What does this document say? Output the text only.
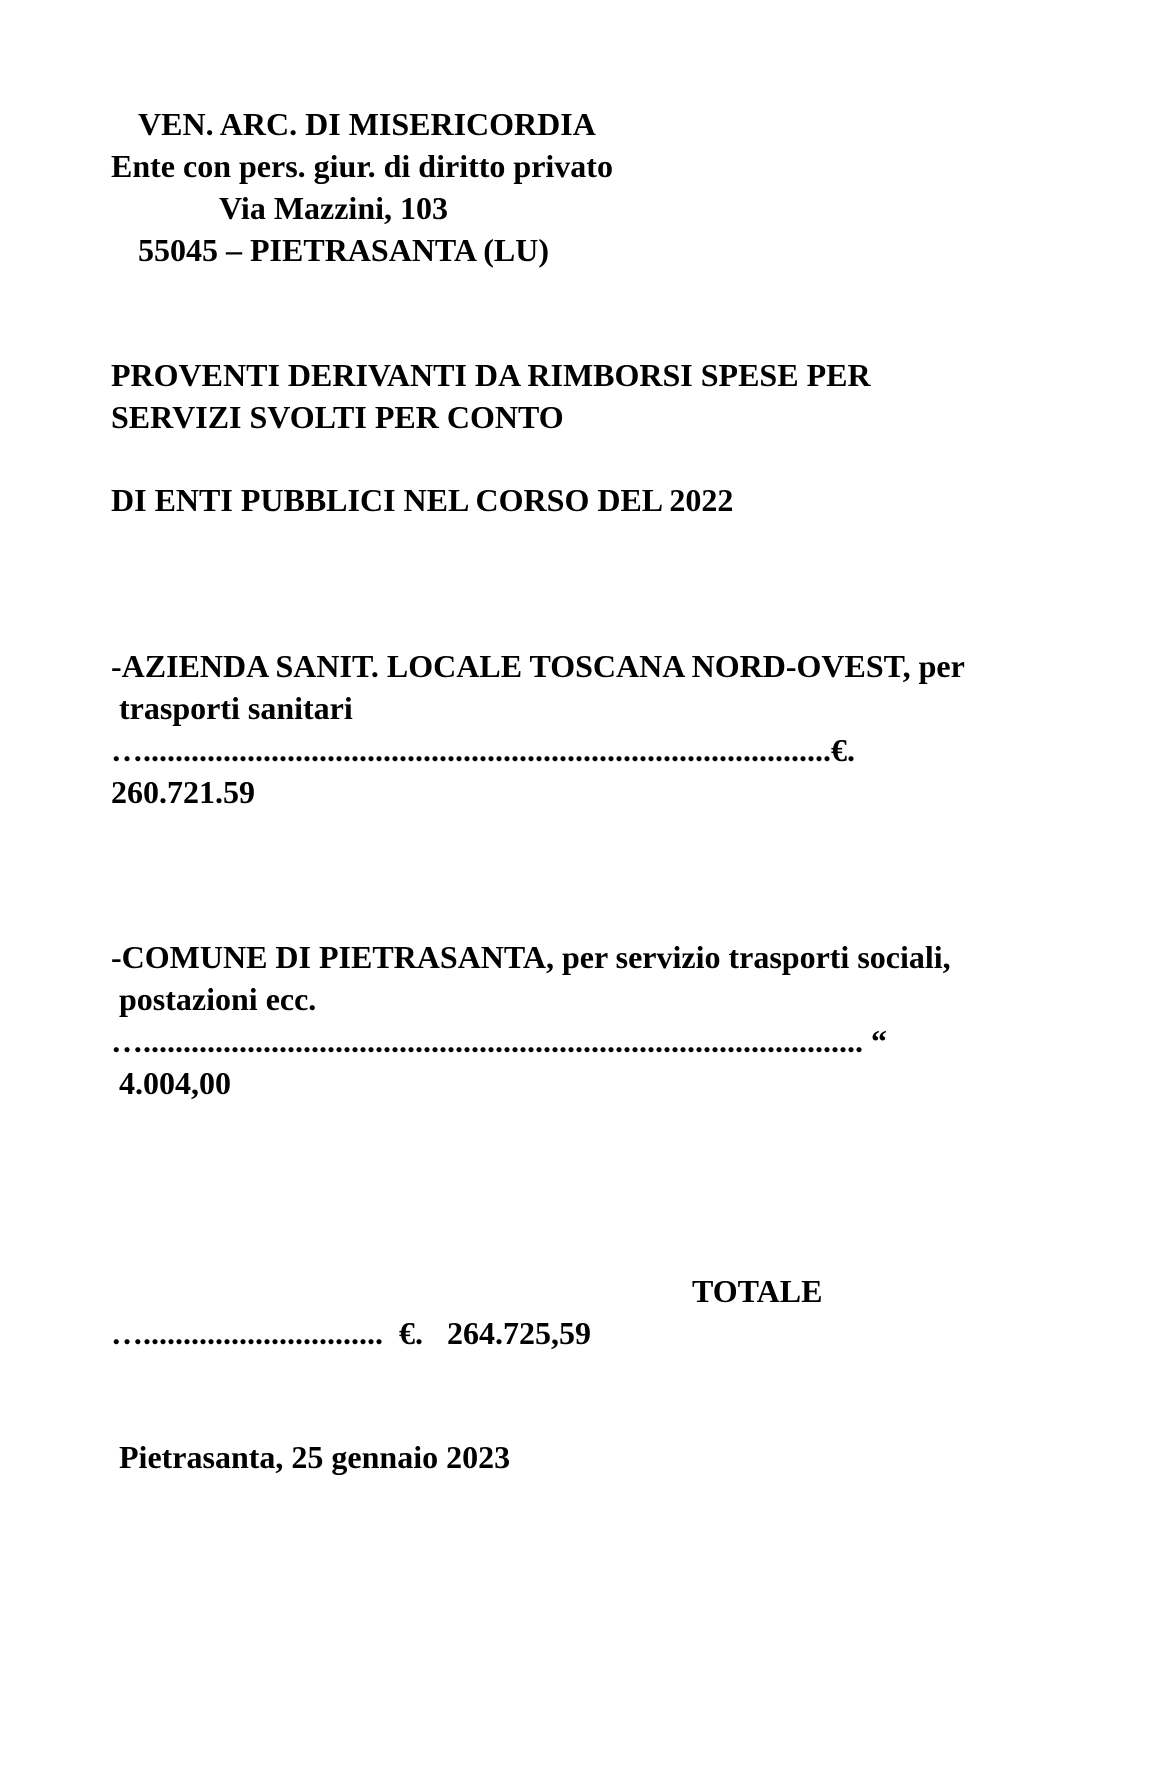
VEN. ARC. DI MISERICORDIA
Ente con pers. giur. di diritto privato
Via Mazzini, 103
55045 – PIETRASANTA (LU)
PROVENTI DERIVANTI DA RIMBORSI SPESE PER
SERVIZI SVOLTI PER CONTO
DI ENTI PUBBLICI NEL CORSO DEL 2022
-AZIENDA SANIT. LOCALE TOSCANA NORD-OVEST, per
trasporti sanitari
…......................................................................................€.
260.721.59
-COMUNE DI PIETRASANTA, per servizio trasporti sociali,
postazioni ecc.
….......................................................................................... “
4.004,00
TOTALE
…..............................  €.   264.725,59
Pietrasanta, 25 gennaio 2023
